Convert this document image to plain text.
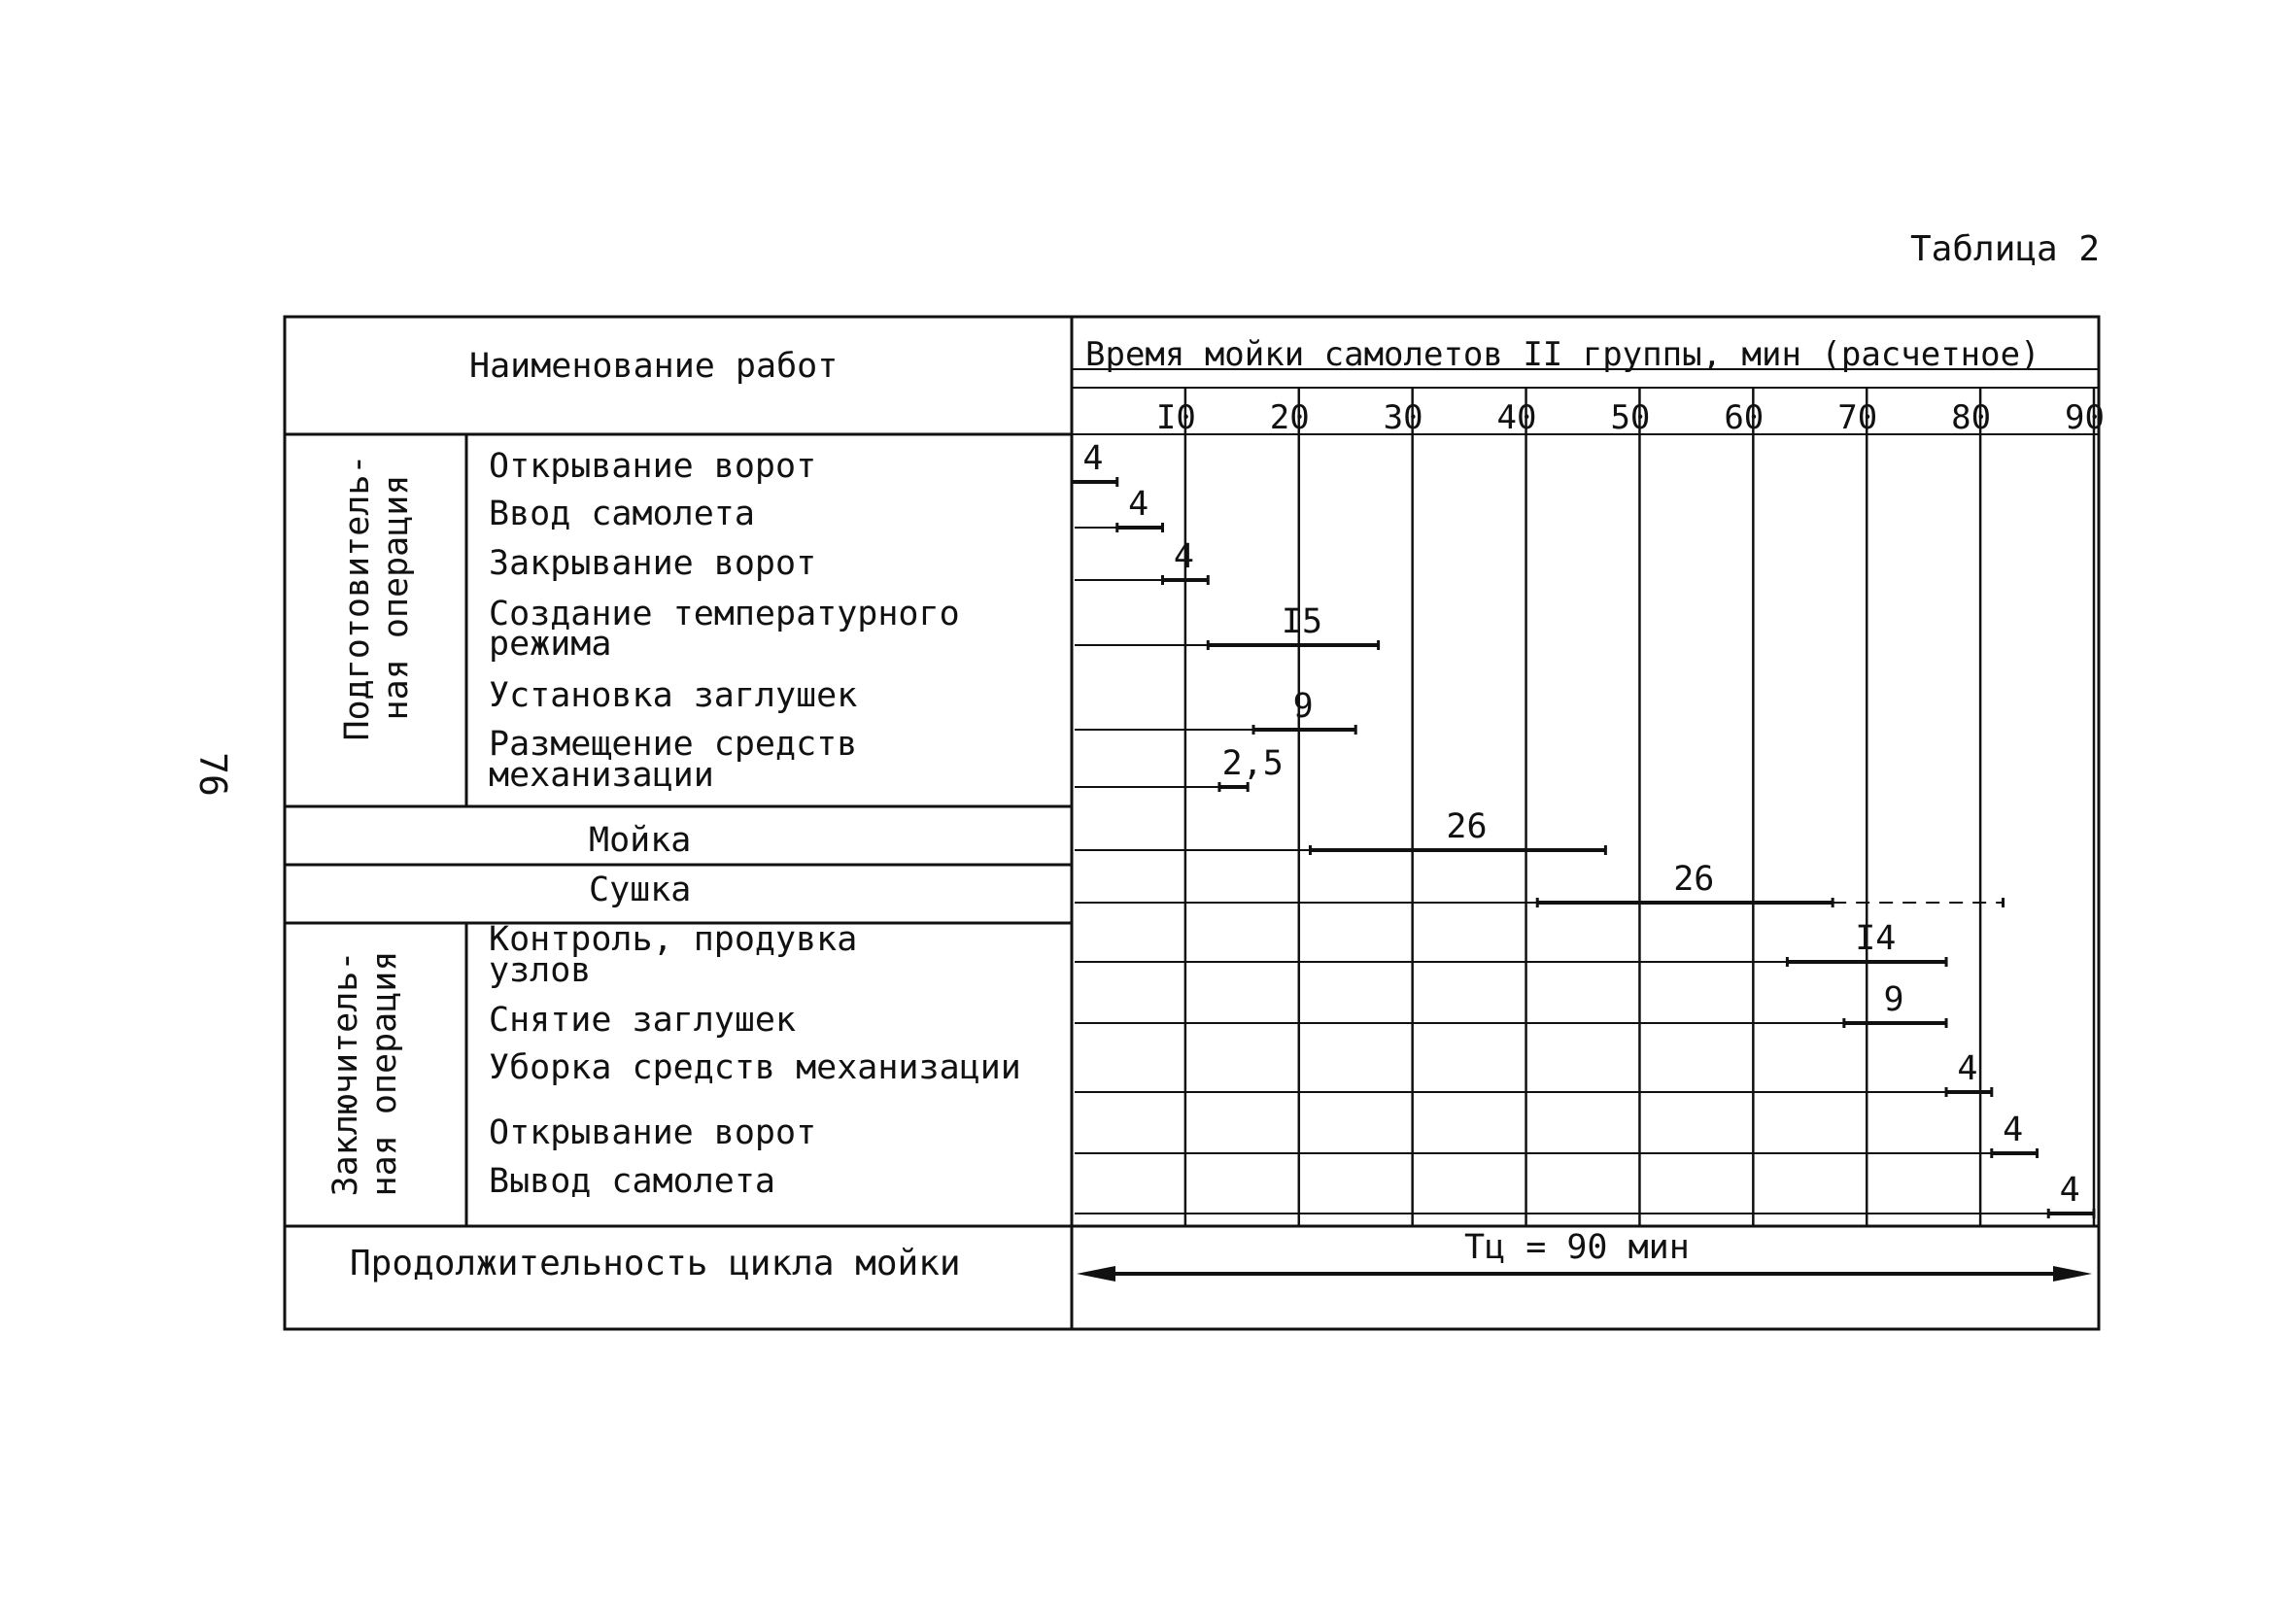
Таблица 2
76
Наименование работ	Время мойки самолетов II группы, мин (расчетное)
Подготовитель- ная операция
Заключитель- ная операция
Открывание ворот
Ввод самолета
Закрывание ворот
Создание температурного
режима
Установка заглушек
Размещение средств
механизации
Мойка
Сушка
Контроль, продувка
узлов
Снятие заглушек
Уборка средств механизации
Открывание ворот
Вывод самолета
Продолжительность цикла мойки	Тц = 90 мин
I0 20 30 40 50 60 70 80 90
4
4
4
I5
9
2,5
26
26
I4
9
4
4
4
